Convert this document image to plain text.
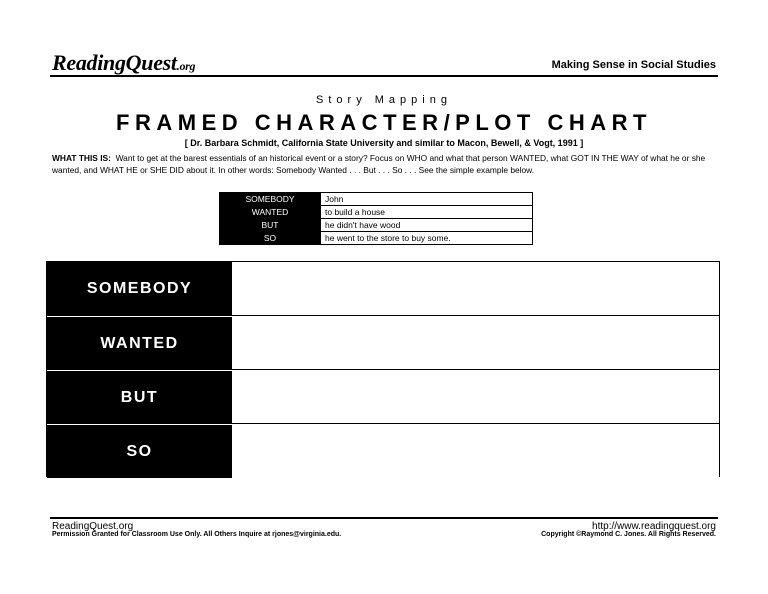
ReadingQuest.org	Making Sense in Social Studies
Story Mapping
FRAMED CHARACTER/PLOT CHART
[ Dr. Barbara Schmidt, California State University and similar to Macon, Bewell, & Vogt, 1991 ]
WHAT THIS IS: Want to get at the barest essentials of an historical event or a story? Focus on WHO and what that person WANTED, what GOT IN THE WAY of what he or she wanted, and WHAT HE or SHE DID about it. In other words: Somebody Wanted . . . But . . . So . . . See the simple example below.
SOMEBODY	John
WANTED	to build a house
BUT	he didn't have wood
SO	he went to the store to buy some.
SOMEBODY
WANTED
BUT
SO
ReadingQuest.org
Permission Granted for Classroom Use Only. All Others Inquire at rjones@virginia.edu.
http://www.readingquest.org
Copyright ©Raymond C. Jones. All Rights Reserved.
